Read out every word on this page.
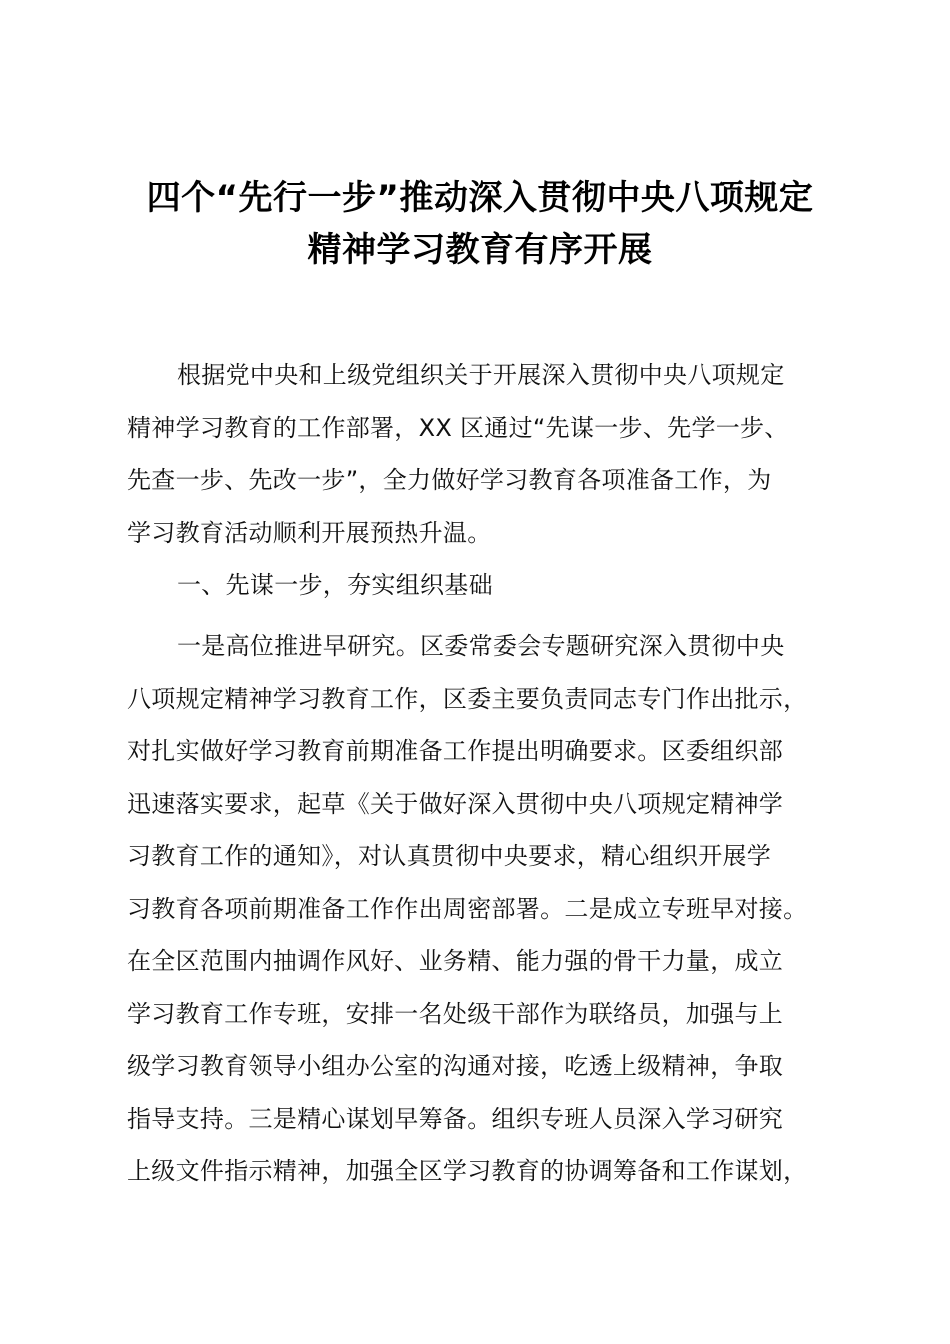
四个“先行一步”推动深入贯彻中央八项规定
精神学习教育有序开展
根据党中央和上级党组织关于开展深入贯彻中央八项规定
精神学习教育的工作部署，XX 区通过“先谋一步、先学一步、
先查一步、先改一步”，全力做好学习教育各项准备工作，为
学习教育活动顺利开展预热升温。
一、先谋一步，夯实组织基础
一是高位推进早研究。区委常委会专题研究深入贯彻中央
八项规定精神学习教育工作，区委主要负责同志专门作出批示，
对扎实做好学习教育前期准备工作提出明确要求。区委组织部
迅速落实要求，起草《关于做好深入贯彻中央八项规定精神学
习教育工作的通知》，对认真贯彻中央要求，精心组织开展学
习教育各项前期准备工作作出周密部署。二是成立专班早对接。
在全区范围内抽调作风好、业务精、能力强的骨干力量，成立
学习教育工作专班，安排一名处级干部作为联络员，加强与上
级学习教育领导小组办公室的沟通对接，吃透上级精神，争取
指导支持。三是精心谋划早筹备。组织专班人员深入学习研究
上级文件指示精神，加强全区学习教育的协调筹备和工作谋划，
